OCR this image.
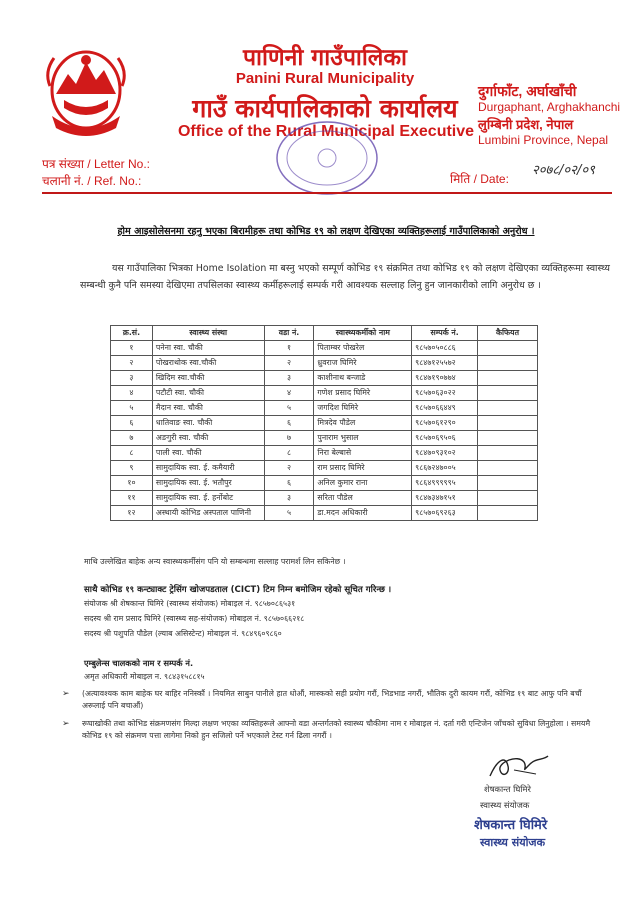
पाणिनी गाउँपालिका
Panini Rural Municipality
गाउँ कार्यपालिकाको कार्यालय
Office of the Rural Municipal Executive
दुर्गाफाँट, अर्घाखाँची
Durgaphant, Arghakhanchi
लुम्बिनी प्रदेश, नेपाल
Lumbini Province, Nepal
पत्र संख्या / Letter No.:
चलानी नं. / Ref. No.:	मिति / Date:
२०७८/०२/०९
होम आइसोलेसनमा रहनु भएका बिरामीहरू तथा कोभिड १९ को लक्षण देखिएका व्यक्तिहरूलाई गाउँपालिकाको अनुरोध ।
यस गाउँपालिका भित्रका Home Isolation मा बस्नु भएको सम्पूर्ण कोभिड १९ संक्रमित तथा कोभिड १९ को लक्षण देखिएका व्यक्तिहरूमा स्वास्थ्य सम्बन्धी कुनै पनि समस्या देखिएमा तपसिलका स्वास्थ्य कर्मीहरूलाई सम्पर्क गरी आवश्यक सल्लाह लिनु हुन जानकारीको लागि अनुरोध छ ।
क्र.सं.	स्वास्थ्य संस्था	वडा नं.	स्वास्थ्यकर्मीको नाम	सम्पर्क नं.	कैफियत
१	पनेना स्वा. चौकी	१	पिताम्बर पोखरेल	९८५७०५०८८६	
२	पोखराथोक स्वा.चौकी	२	ध्रुवराज घिमिरे	९८४७१२५५७२	
३	खिदिम स्वा.चौकी	३	काशीनाथ बन्जाडे	९८४७१९०७७४	
४	पटौटी स्वा. चौकी	४	गणेश प्रसाद घिमिरे	९८५७०६३०२२	
५	मैदान स्वा. चौकी	५	जगदिश घिमिरे	९८५७०६६४४९	
६	धातिवाङ स्वा. चौकी	६	मित्रदेव पौडेल	९८५७०६१२९०	
७	अङगुरी स्वा. चौकी	७	पुनाराम भुसाल	९८५७०६९५०६	
८	पाली स्वा. चौकी	८	निरा बेल्बासे	९८४७०९३१०२	
९	सामुदायिक स्वा. ई. कमैयारी	२	राम प्रसाद घिमिरे	९८६७२४७००५	
१०	सामुदायिक स्वा. ई. भतौपुर	६	अनिल कुमार राना	९८६४९९९९९५	
११	सामुदायिक स्वा. ई. हर्नोबोट	३	सरिता पौडेल	९८४७३४७१५१	
१२	अस्थायी कोभिड अस्पताल पाणिनी	५	डा.मदन अधिकारी	९८५७०६९२६३	
माथि उल्लेखित बाहेक अन्य स्वास्थ्यकर्मीसंग पनि यो सम्बन्धमा सल्लाह परामर्श लिन सकिनेछ ।
साथै कोभिड १९ कन्ट्याक्ट ट्रेसिंग खोजपडताल (CICT) टिम निम्न बमोजिम रहेको सूचित गरिन्छ ।
संयोजक श्री शेषकान्त घिमिरे (स्वास्थ्य संयोजक) मोबाइल नं. ९८५७०८६५३१
सदस्य श्री राम प्रसाद घिमिरे (स्वास्थ्य सह-संयोजक) मोबाइल नं. ९८५७०६६२१८
सदस्य श्री पशुपति पौडेल (ल्याब असिस्टेन्ट) मोबाइल नं. ९८४९६०९८६०
एम्बुलेन्स चालकको नाम र सम्पर्क नं.
अमृत अधिकारी मोबाइल न. ९८४३१५८८१५
➢ (अत्यावश्यक काम बाहेक घर बाहिर ननिस्कौं । नियमित साबुन पानीले हात धोऔं, मास्कको सही प्रयोग गरौं, भिडभाड नगरौं, भौतिक दुरी कायम गरौं, कोभिड १९ बाट आफु पनि बचौं अरूलाई पनि बचाऔं)
➢ रूघाखोकी तथा कोभिड संक्रमणसंग मिल्दा लक्षण भएका व्यक्तिहरूले आफ्नो वडा अन्तर्गतको स्वास्थ्य चौकीमा नाम र मोबाइल नं. दर्ता गरी एन्टिजेन जाँचको सुविधा लिनुहोला । समयमै कोभिड १९ को संक्रमण पत्ता लागेमा निको हुन सजिलो पर्ने भएकाले टेस्ट गर्न ढिला नगरौं ।
शेषकान्त घिमिरे
स्वास्थ्य संयोजक
शेषकान्त घिमिरे
स्वास्थ्य संयोजक
